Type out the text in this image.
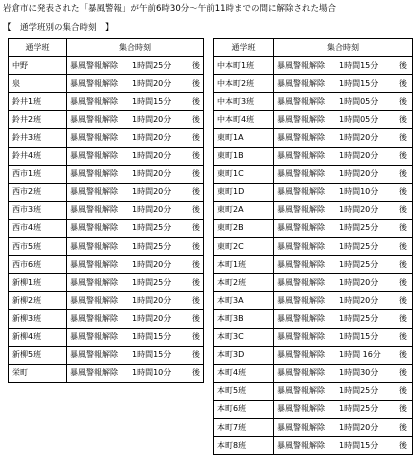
岩倉市に発表された「暴風警報」が午前6時30分～午前11時までの間に解除された場合
【　通学班別の集合時刻　】
通学班	集合時刻
中野	暴風警報解除 1時間25分 後
泉	暴風警報解除 1時間20分 後
鈴井1班	暴風警報解除 1時間15分 後
鈴井2班	暴風警報解除 1時間20分 後
鈴井3班	暴風警報解除 1時間20分 後
鈴井4班	暴風警報解除 1時間20分 後
西市1班	暴風警報解除 1時間20分 後
西市2班	暴風警報解除 1時間20分 後
西市3班	暴風警報解除 1時間20分 後
西市4班	暴風警報解除 1時間25分 後
西市5班	暴風警報解除 1時間25分 後
西市6班	暴風警報解除 1時間20分 後
新柳1班	暴風警報解除 1時間25分 後
新柳2班	暴風警報解除 1時間20分 後
新柳3班	暴風警報解除 1時間20分 後
新柳4班	暴風警報解除 1時間15分 後
新柳5班	暴風警報解除 1時間15分 後
栄町	暴風警報解除 1時間10分 後
通学班	集合時刻
中本町1班	暴風警報解除 1時間15分 後
中本町2班	暴風警報解除 1時間15分 後
中本町3班	暴風警報解除 1時間05分 後
中本町4班	暴風警報解除 1時間05分 後
東町1A	暴風警報解除 1時間20分 後
東町1B	暴風警報解除 1時間20分 後
東町1C	暴風警報解除 1時間20分 後
東町1D	暴風警報解除 1時間10分 後
東町2A	暴風警報解除 1時間20分 後
東町2B	暴風警報解除 1時間25分 後
東町2C	暴風警報解除 1時間25分 後
本町1班	暴風警報解除 1時間25分 後
本町2班	暴風警報解除 1時間20分 後
本町3A	暴風警報解除 1時間20分 後
本町3B	暴風警報解除 1時間25分 後
本町3C	暴風警報解除 1時間15分 後
本町3D	暴風警報解除 1時間 16分 後
本町4班	暴風警報解除 1時間30分 後
本町5班	暴風警報解除 1時間25分 後
本町6班	暴風警報解除 1時間25分 後
本町7班	暴風警報解除 1時間20分 後
本町8班	暴風警報解除 1時間15分 後
